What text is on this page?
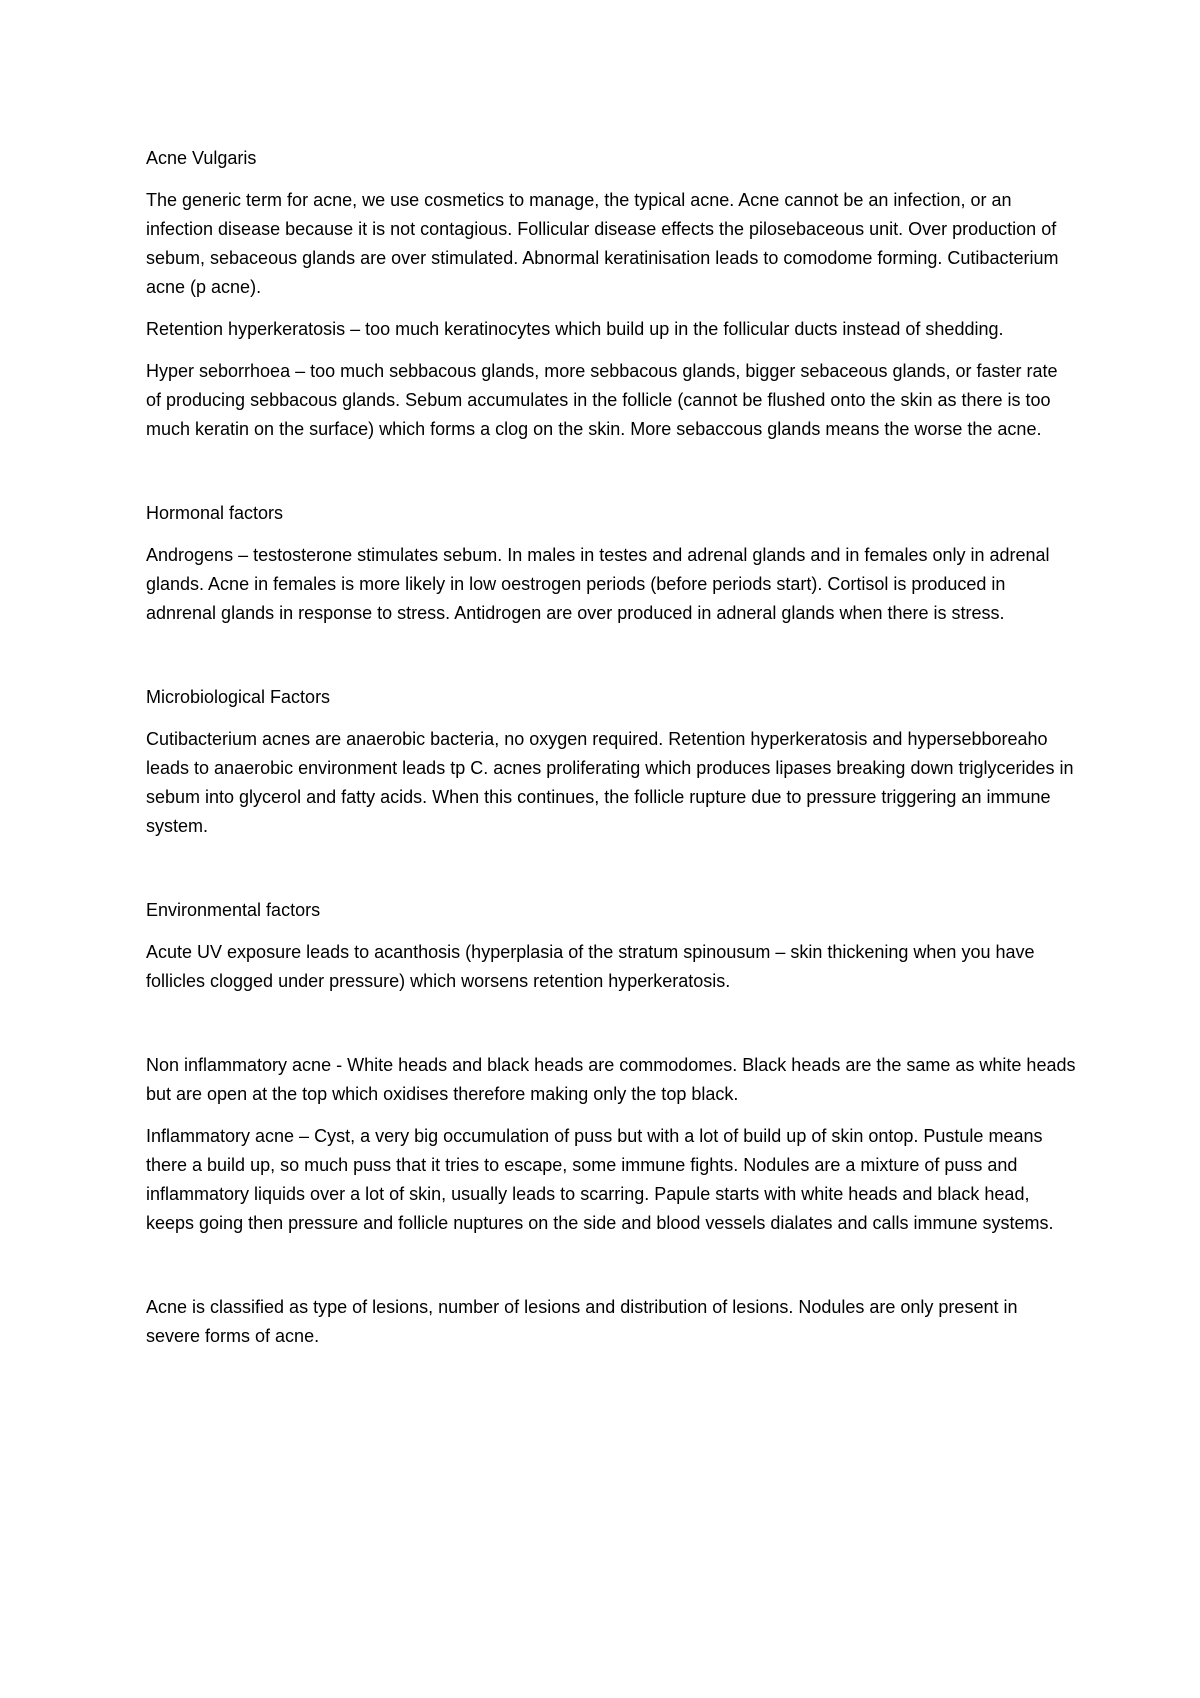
Acne Vulgaris

The generic term for acne, we use cosmetics to manage, the typical acne. Acne cannot be an infection, or an infection disease because it is not contagious. Follicular disease effects the pilosebaceous unit. Over production of sebum, sebaceous glands are over stimulated. Abnormal keratinisation leads to comodome forming. Cutibacterium acne (p acne).

Retention hyperkeratosis – too much keratinocytes which build up in the follicular ducts instead of shedding.

Hyper seborrhoea – too much sebbacous glands, more sebbacous glands, bigger sebaceous glands, or faster rate of producing sebbacous glands. Sebum accumulates in the follicle (cannot be flushed onto the skin as there is too much keratin on the surface) which forms a clog on the skin. More sebaccous glands means the worse the acne.

Hormonal factors

Androgens – testosterone stimulates sebum. In males in testes and adrenal glands and in females only in adrenal glands. Acne in females is more likely in low oestrogen periods (before periods start). Cortisol is produced in adnrenal glands in response to stress. Antidrogen are over produced in adneral glands when there is stress.

Microbiological Factors

Cutibacterium acnes are anaerobic bacteria, no oxygen required. Retention hyperkeratosis and hypersebboreaho leads to anaerobic environment leads tp C. acnes proliferating which produces lipases breaking down triglycerides in sebum into glycerol and fatty acids. When this continues, the follicle rupture due to pressure triggering an immune system.

Environmental factors

Acute UV exposure leads to acanthosis (hyperplasia of the stratum spinousum – skin thickening when you have follicles clogged under pressure) which worsens retention hyperkeratosis.

Non inflammatory acne - White heads and black heads are commodomes. Black heads are the same as white heads but are open at the top which oxidises therefore making only the top black.

Inflammatory acne – Cyst, a very big occumulation of puss but with a lot of build up of skin ontop. Pustule means there a build up, so much puss that it tries to escape, some immune fights. Nodules are a mixture of puss and inflammatory liquids over a lot of skin, usually leads to scarring. Papule starts with white heads and black head, keeps going then pressure and follicle nuptures on the side and blood vessels dialates and calls immune systems.

Acne is classified as type of lesions, number of lesions and distribution of lesions. Nodules are only present in severe forms of acne.
